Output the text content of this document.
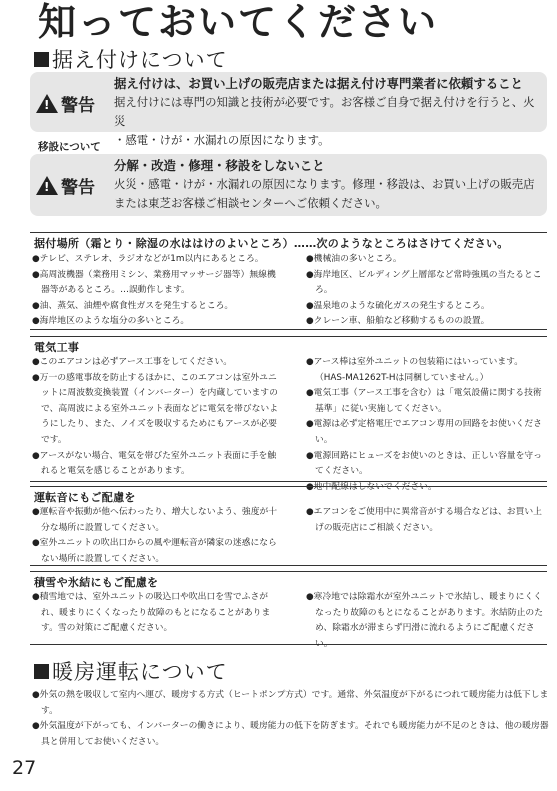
知っておいてください
据え付けについて
!
警告
据え付けは、お買い上げの販売店または据え付け専門業者に依頼すること
据え付けには専門の知識と技術が必要です。お客様ご自身で据え付けを行うと、火災
・感電・けが・水漏れの原因になります。
移設について
!
警告
分解・改造・修理・移設をしないこと
火災・感電・けが・水漏れの原因になります。修理・移設は、お買い上げの販売店
または東芝お客様ご相談センターへご依頼ください。
据付場所（霜とり・除湿の水ははけのよいところ）……次のようなところはさけてください。
●テレビ、ステレオ、ラジオなどが1m以内にあるところ。
●高周波機器（業務用ミシン、業務用マッサージ器等）無線機器等があるところ。…誤動作します。
●油、蒸気、油煙や腐食性ガスを発生するところ。
●海岸地区のような塩分の多いところ。
●機械油の多いところ。
●海岸地区、ビルディング上層部など常時強風の当たるところ。
●温泉地のような硫化ガスの発生するところ。
●クレーン車、船舶など移動するものの設置。
電気工事
●このエアコンは必ずアース工事をしてください。
●万一の感電事故を防止するほかに、このエアコンは室外ユニットに周波数変換装置（インバーター）を内蔵していますので、高周波による室外ユニット表面などに電気を帯びないようにしたり、また、ノイズを吸収するためにもアースが必要です。
●アースがない場合、電気を帯びた室外ユニット表面に手を触れると電気を感じることがあります。
●アース棒は室外ユニットの包装箱にはいっています。（HAS-MA1262T-Hは同梱していません。）
●電気工事（アース工事を含む）は「電気設備に関する技術基準」に従い実施してください。
●電源は必ず定格電圧でエアコン専用の回路をお使いください。
●電源回路にヒューズをお使いのときは、正しい容量を守ってください。
●地中配線はしないでください。
運転音にもご配慮を
●運転音や振動が他へ伝わったり、増大しないよう、強度が十分な場所に設置してください。
●室外ユニットの吹出口からの風や運転音が隣家の迷惑にならない場所に設置してください。
●エアコンをご使用中に異常音がする場合などは、お買い上げの販売店にご相談ください。
積雪や氷結にもご配慮を
●積雪地では、室外ユニットの吸込口や吹出口を雪でふさがれ、暖まりにくくなったり故障のもとになることがあります。雪の対策にご配慮ください。
●寒冷地では除霜水が室外ユニットで氷結し、暖まりにくくなったり故障のもとになることがあります。氷結防止のため、除霜水が滞まらず円滑に流れるようにご配慮ください。
暖房運転について
●外気の熱を吸収して室内へ運び、暖房する方式（ヒートポンプ方式）です。通常、外気温度が下がるにつれて暖房能力は低下します。
●外気温度が下がっても、インバーターの働きにより、暖房能力の低下を防ぎます。それでも暖房能力が不足のときは、他の暖房器具と併用してお使いください。
27
